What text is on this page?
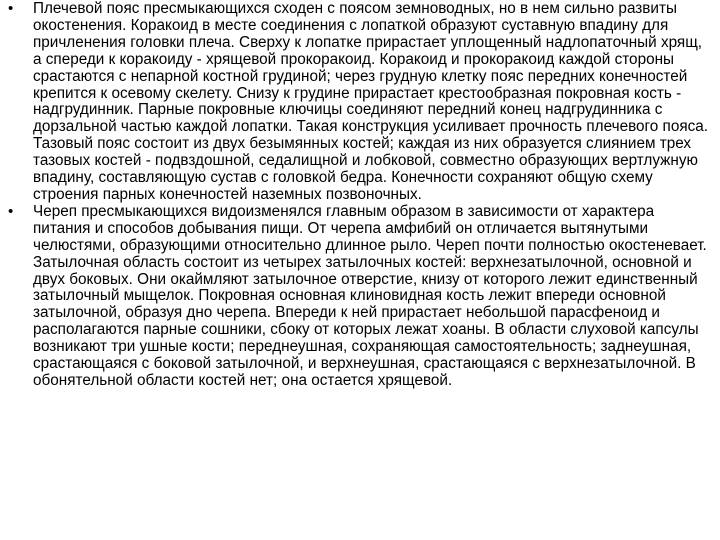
• Плечевой пояс пресмыкающихся сходен с поясом земноводных, но в нем сильно развиты окостенения. Коракоид в месте соединения с лопаткой образуют суставную впадину для причленения головки плеча. Сверху к лопатке прирастает уплощенный надлопаточный хрящ, а спереди к коракоиду - хрящевой прокоракоид. Коракоид и прокоракоид каждой стороны срастаются с непарной костной грудиной; через грудную клетку пояс передних конечностей крепится к осевому скелету. Снизу к грудине прирастает крестообразная покровная кость - надгрудинник. Парные покровные ключицы соединяют передний конец надгрудинника с дорзальной частью каждой лопатки. Такая конструкция усиливает прочность плечевого пояса. Тазовый пояс состоит из двух безымянных костей; каждая из них образуется слиянием трех тазовых костей - подвздошной, седалищной и лобковой, совместно образующих вертлужную впадину, составляющую сустав с головкой бедра. Конечности сохраняют общую схему строения парных конечностей наземных позвоночных.
• Череп пресмыкающихся видоизменялся главным образом в зависимости от характера питания и способов добывания пищи. От черепа амфибий он отличается вытянутыми челюстями, образующими относительно длинное рыло. Череп почти полностью окостеневает. Затылочная область состоит из четырех затылочных костей: верхнезатылочной, основной и двух боковых. Они окаймляют затылочное отверстие, книзу от которого лежит единственный затылочный мыщелок. Покровная основная клиновидная кость лежит впереди основной затылочной, образуя дно черепа. Впереди к ней прирастает небольшой парасфеноид и располагаются парные сошники, сбоку от которых лежат хоаны. В области слуховой капсулы возникают три ушные кости; переднеушная, сохраняющая самостоятельность; заднеушная, срастающаяся с боковой затылочной, и верхнеушная, срастающаяся с верхнезатылочной. В обонятельной области костей нет; она остается хрящевой.
